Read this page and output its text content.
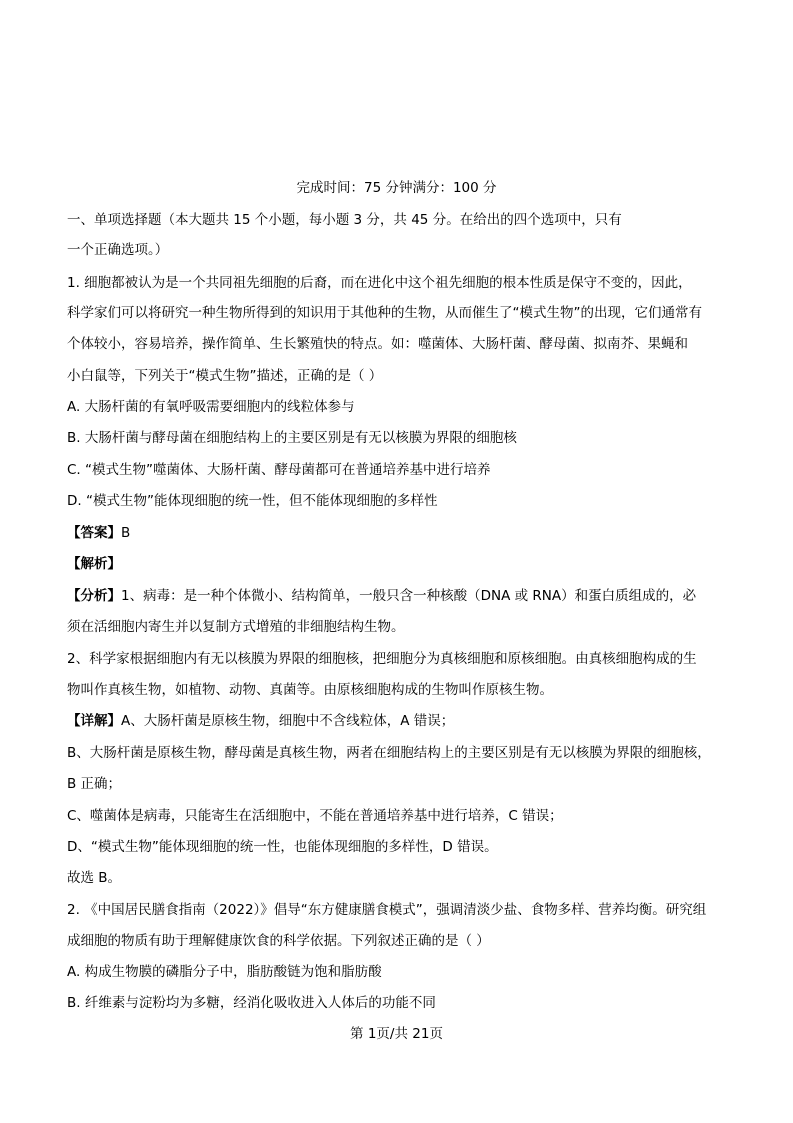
完成时间：75 分钟满分：100 分
一、单项选择题（本大题共 15 个小题，每小题 3 分，共 45 分。在给出的四个选项中，只有
一个正确选项。）
1. 细胞都被认为是一个共同祖先细胞的后裔，而在进化中这个祖先细胞的根本性质是保守不变的，因此，
科学家们可以将研究一种生物所得到的知识用于其他种的生物，从而催生了“模式生物”的出现，它们通常有
个体较小，容易培养，操作简单、生长繁殖快的特点。如：噬菌体、大肠杆菌、酵母菌、拟南芥、果蝇和
小白鼠等，下列关于“模式生物”描述，正确的是（ ）
A. 大肠杆菌的有氧呼吸需要细胞内的线粒体参与
B. 大肠杆菌与酵母菌在细胞结构上的主要区别是有无以核膜为界限的细胞核
C. “模式生物”噬菌体、大肠杆菌、酵母菌都可在普通培养基中进行培养
D. “模式生物”能体现细胞的统一性，但不能体现细胞的多样性
【答案】B
【解析】
【分析】1、病毒：是一种个体微小、结构简单，一般只含一种核酸（DNA 或 RNA）和蛋白质组成的，必
须在活细胞内寄生并以复制方式增殖的非细胞结构生物。
2、科学家根据细胞内有无以核膜为界限的细胞核，把细胞分为真核细胞和原核细胞。由真核细胞构成的生
物叫作真核生物，如植物、动物、真菌等。由原核细胞构成的生物叫作原核生物。
【详解】A、大肠杆菌是原核生物，细胞中不含线粒体，A 错误；
B、大肠杆菌是原核生物，酵母菌是真核生物，两者在细胞结构上的主要区别是有无以核膜为界限的细胞核，
B 正确；
C、噬菌体是病毒，只能寄生在活细胞中，不能在普通培养基中进行培养，C 错误；
D、“模式生物”能体现细胞的统一性，也能体现细胞的多样性，D 错误。
故选 B。
2. 《中国居民膳食指南（2022）》倡导“东方健康膳食模式”，强调清淡少盐、食物多样、营养均衡。研究组
成细胞的物质有助于理解健康饮食的科学依据。下列叙述正确的是（ ）
A. 构成生物膜的磷脂分子中，脂肪酸链为饱和脂肪酸
B. 纤维素与淀粉均为多糖，经消化吸收进入人体后的功能不同
第 1页/共 21页
